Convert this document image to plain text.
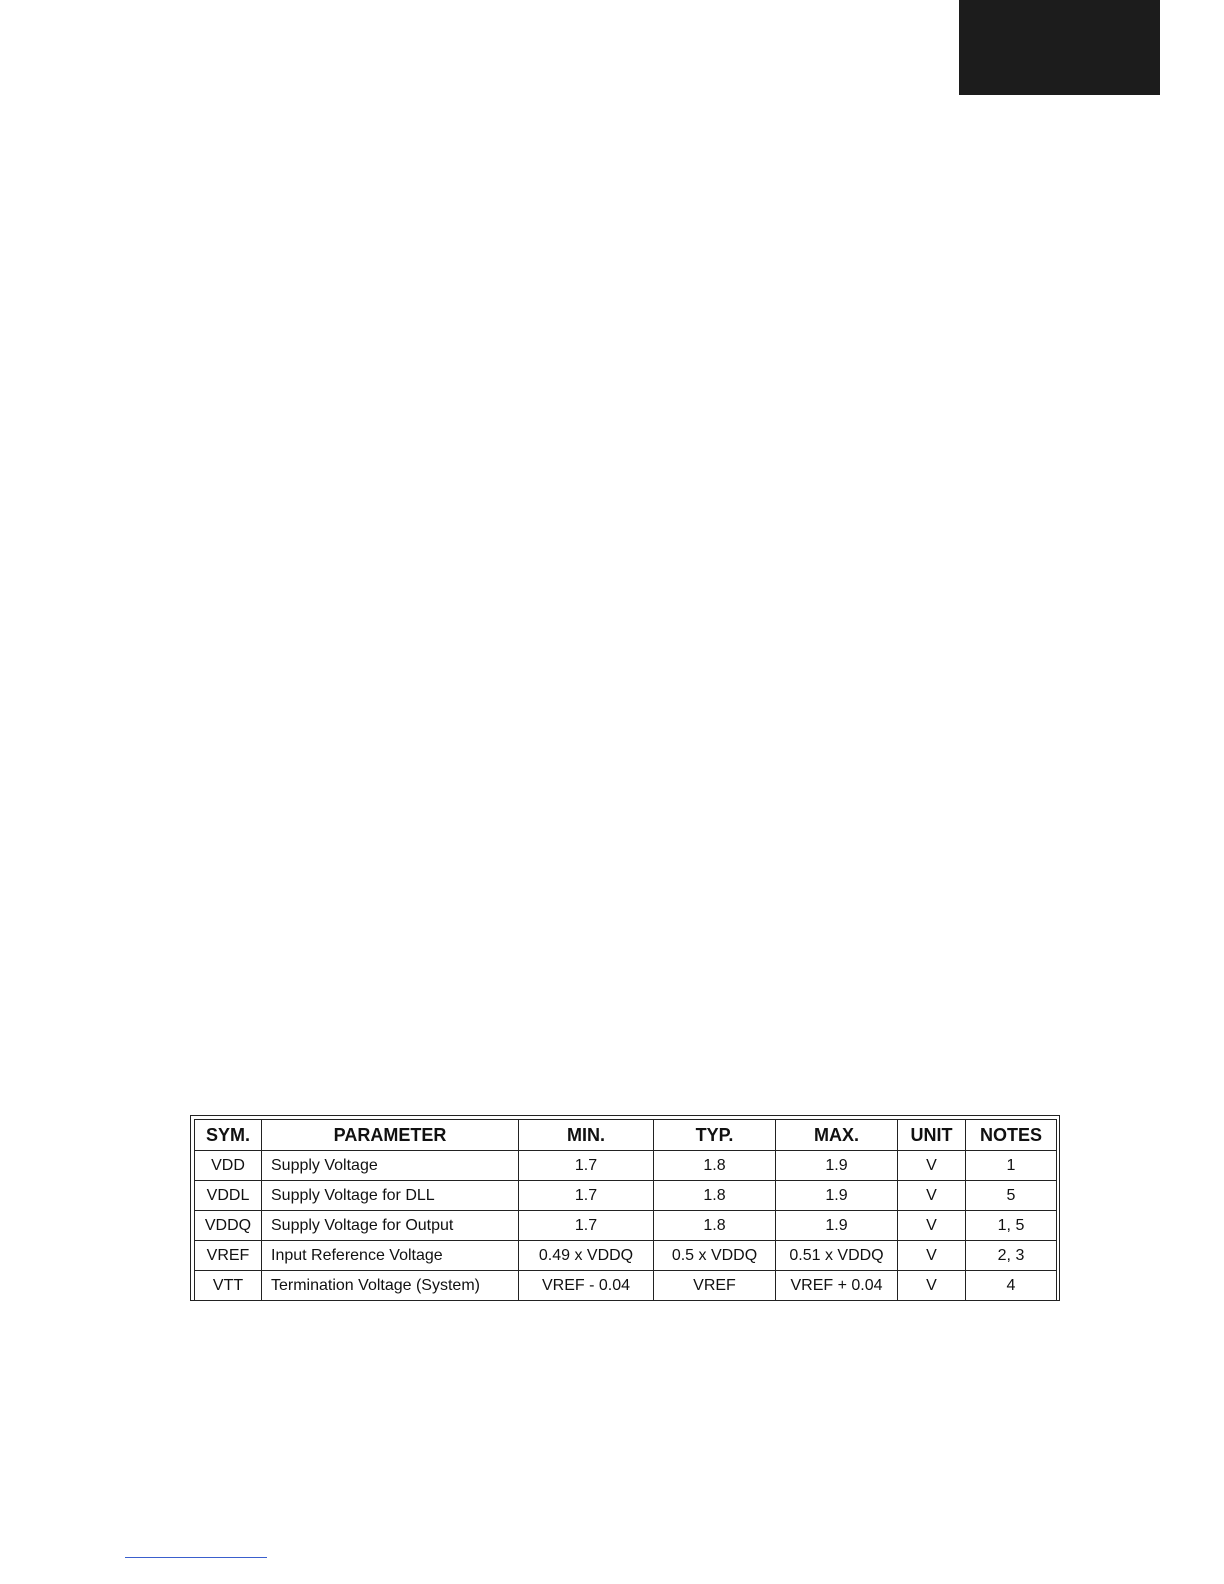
SYM.	PARAMETER	MIN.	TYP.	MAX.	UNIT	NOTES
VDD	Supply Voltage	1.7	1.8	1.9	V	1
VDDL	Supply Voltage for DLL	1.7	1.8	1.9	V	5
VDDQ	Supply Voltage for Output	1.7	1.8	1.9	V	1, 5
VREF	Input Reference Voltage	0.49 x VDDQ	0.5 x VDDQ	0.51 x VDDQ	V	2, 3
VTT	Termination Voltage (System)	VREF - 0.04	VREF	VREF + 0.04	V	4
